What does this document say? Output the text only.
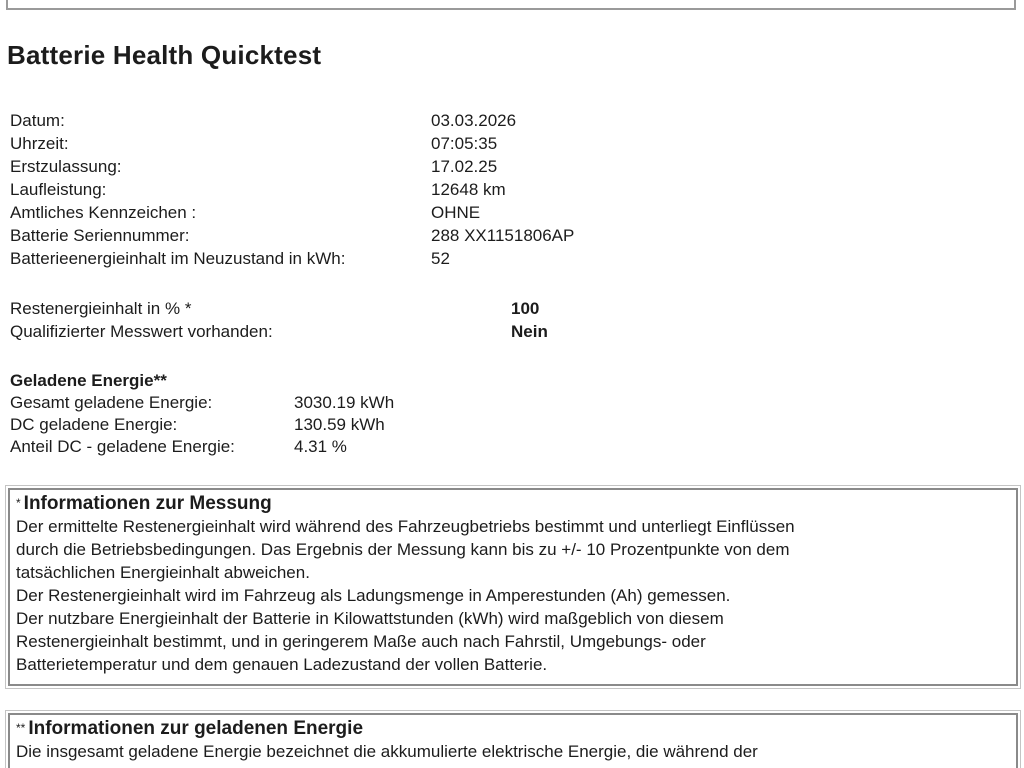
Batterie Health Quicktest
Datum:	03.03.2026
Uhrzeit:	07:05:35
Erstzulassung:	17.02.25
Laufleistung:	12648 km
Amtliches Kennzeichen :	OHNE
Batterie Seriennummer:	288 XX1151806AP
Batterieenergieinhalt im Neuzustand in kWh:	52
Restenergieinhalt in % *	100
Qualifizierter Messwert vorhanden:	Nein
Geladene Energie**
Gesamt geladene Energie:	3030.19 kWh
DC geladene Energie:	130.59 kWh
Anteil DC - geladene Energie:	4.31 %
* Informationen zur Messung

Der ermittelte Restenergieinhalt wird während des Fahrzeugbetriebs bestimmt und unterliegt Einflüssen

durch die Betriebsbedingungen. Das Ergebnis der Messung kann bis zu +/- 10 Prozentpunkte von dem

tatsächlichen Energieinhalt abweichen.

Der Restenergieinhalt wird im Fahrzeug als Ladungsmenge in Amperestunden (Ah) gemessen.

Der nutzbare Energieinhalt der Batterie in Kilowattstunden (kWh) wird maßgeblich von diesem

Restenergieinhalt bestimmt, und in geringerem Maße auch nach Fahrstil, Umgebungs- oder

Batterietemperatur und dem genauen Ladezustand der vollen Batterie.

** Informationen zur geladenen Energie

Die insgesamt geladene Energie bezeichnet die akkumulierte elektrische Energie, die während der
